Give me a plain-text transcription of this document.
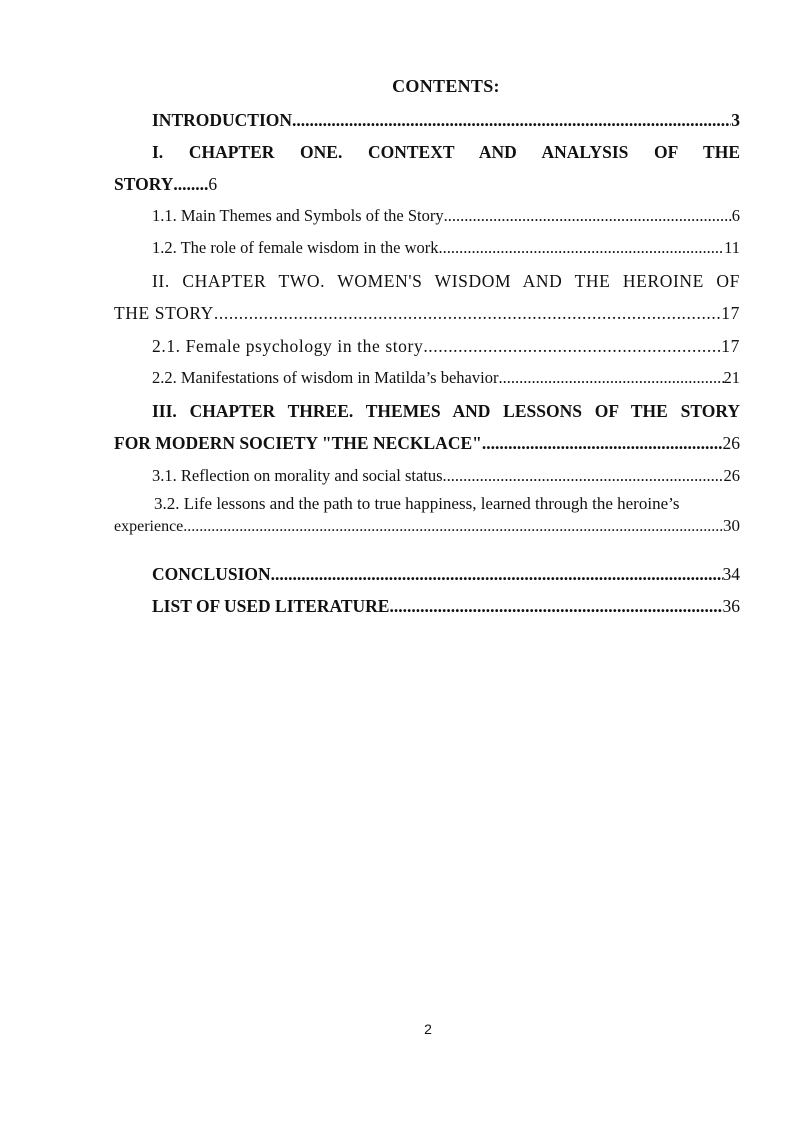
CONTENTS:
INTRODUCTION .....	3
I.  CHAPTER  ONE.  CONTEXT  AND  ANALYSIS  OF  THE
STORY ........ 6
1.1. Main Themes and Symbols of the Story .....	6
1.2. The role of female wisdom in the work .....	11
II. CHAPTER TWO. WOMEN'S WISDOM AND THE HEROINE OF
THE STORY .....	17
2.1. Female psychology in the story .....	17
2.2. Manifestations of wisdom in Matilda’s behavior .....	21
III. CHAPTER THREE. THEMES AND LESSONS OF THE STORY
FOR MODERN SOCIETY "THE NECKLACE" .....	26
3.1. Reflection on morality and social status .....	26
3.2. Life lessons and the path to true happiness, learned through the heroine’s
experience .....	30
CONCLUSION .....	34
LIST OF USED LITERATURE .....	36
2
